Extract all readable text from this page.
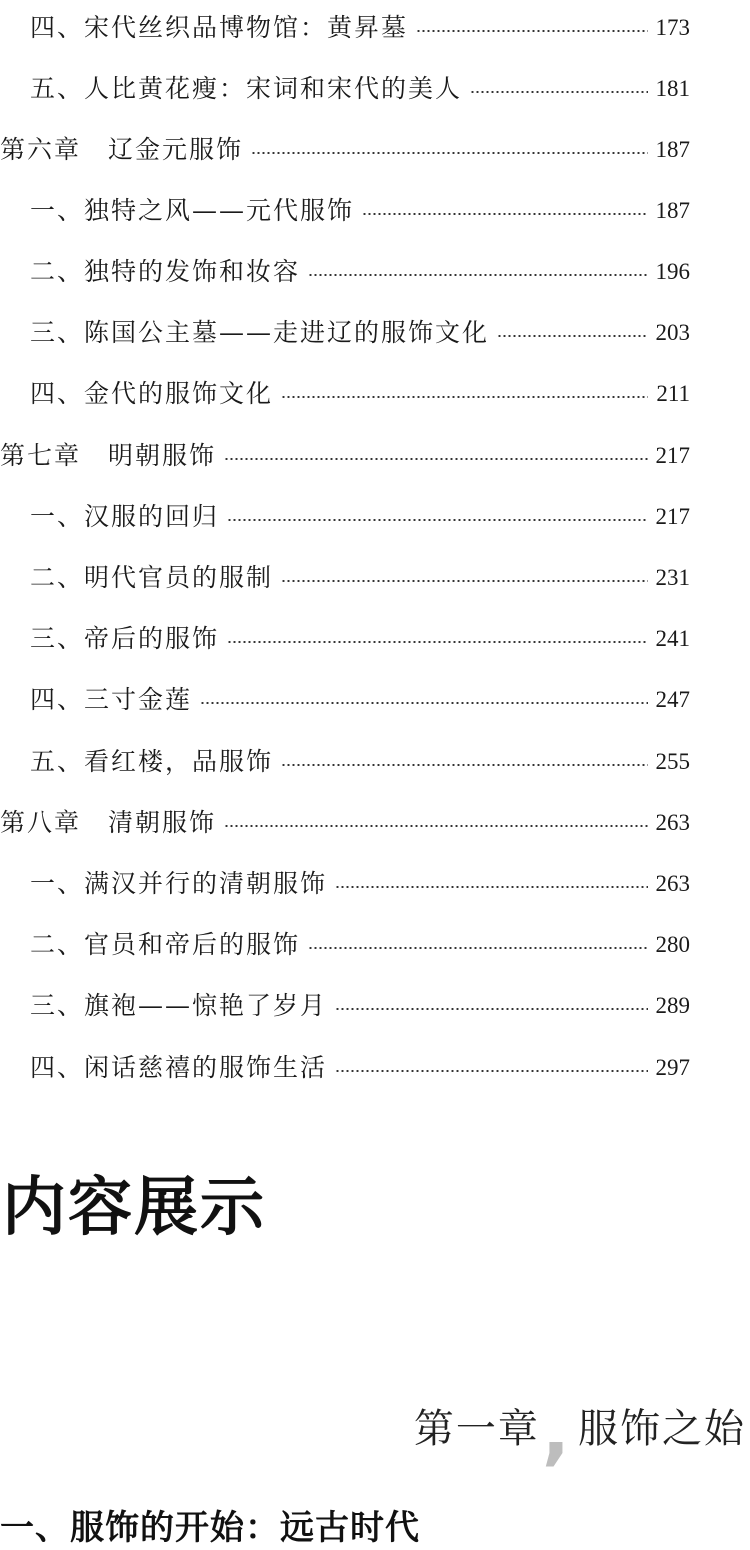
四、宋代丝织品博物馆：黄昇墓	173
五、人比黄花瘦：宋词和宋代的美人	181
第六章　辽金元服饰	187
一、独特之风——元代服饰	187
二、独特的发饰和妆容	196
三、陈国公主墓——走进辽的服饰文化	203
四、金代的服饰文化	211
第七章　明朝服饰	217
一、汉服的回归	217
二、明代官员的服制	231
三、帝后的服饰	241
四、三寸金莲	247
五、看红楼，品服饰	255
第八章　清朝服饰	263
一、满汉并行的清朝服饰	263
二、官员和帝后的服饰	280
三、旗袍——惊艳了岁月	289
四、闲话慈禧的服饰生活	297
内容展示
第一章 , 服饰之始
一、服饰的开始：远古时代
